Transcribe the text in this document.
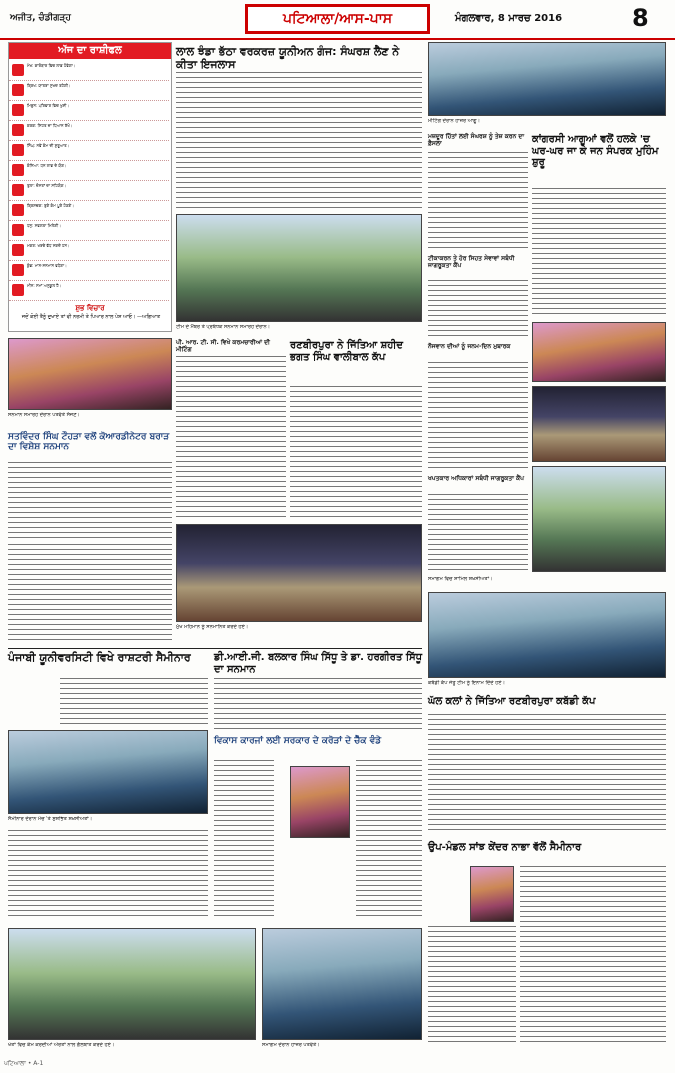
ਅਜੀਤ, ਚੰਡੀਗੜ੍ਹ	ਪਟਿਆਲਾ/ਆਸ-ਪਾਸ	ਮੰਗਲਵਾਰ, 8 ਮਾਰਚ 2016	8
ਅੱਜ ਦਾ ਰਾਸ਼ੀਫਲ
ਮੇਖ: ਕਾਰੋਬਾਰ ਵਿਚ ਲਾਭ ਹੋਵੇਗਾ।
ਬ੍ਰਿਖ: ਯਾਤਰਾ ਸੁਖਦ ਰਹੇਗੀ।
ਮਿਥੁਨ: ਪਰਿਵਾਰ ਵਿਚ ਖੁਸ਼ੀ।
ਕਰਕ: ਸਿਹਤ ਦਾ ਧਿਆਨ ਰੱਖੋ।
ਸਿੰਘ: ਨਵੇਂ ਕੰਮ ਦੀ ਸ਼ੁਰੂਆਤ।
ਕੰਨਿਆ: ਧਨ ਲਾਭ ਦੇ ਯੋਗ।
ਤੁਲਾ: ਦੋਸਤਾਂ ਦਾ ਸਹਿਯੋਗ।
ਬ੍ਰਿਸ਼ਚਕ: ਰੁਕੇ ਕੰਮ ਪੂਰੇ ਹੋਣਗੇ।
ਧਨੁ: ਸਫਲਤਾ ਮਿਲੇਗੀ।
ਮਕਰ: ਖਰਚੇ ਵੱਧ ਸਕਦੇ ਹਨ।
ਕੁੰਭ: ਮਾਨ-ਸਨਮਾਨ ਵਧੇਗਾ।
ਮੀਨ: ਸਮਾਂ ਅਨੁਕੂਲ ਹੈ।
ਸ਼ੁਭ ਵਿਚਾਰ
ਜਦੋਂ ਕੋਈ ਤੈਨੂੰ ਦੁਖਾਏ ਤਾਂ ਵੀ ਨਰਮੀ ਤੇ ਪਿਆਰ ਨਾਲ ਪੇਸ਼ ਆਓ। —ਅਗਿਆਤ
ਲਾਲ ਝੰਡਾ ਭੱਠਾ ਵਰਕਰਜ਼ ਯੂਨੀਅਨ ਗੰਜ: ਸੰਘਰਸ਼ ਲੈਣ ਨੇ ਕੀਤਾ ਇਜਲਾਸ
ਟੀਮ ਦੇ ਮੈਂਬਰ ਤੇ ਪ੍ਰਬੰਧਕ ਸਨਮਾਨ ਸਮਾਰੋਹ ਦੌਰਾਨ।
ਸਨਮਾਨ ਸਮਾਰੋਹ ਦੌਰਾਨ ਪਤਵੰਤੇ ਸੱਜਣ।
ਸਤਵਿੰਦਰ ਸਿੰਘ ਟੌਹੜਾ ਵਲੋਂ ਕੋਆਰਡੀਨੇਟਰ ਬਰਾੜ ਦਾ ਵਿਸ਼ੇਸ਼ ਸਨਮਾਨ
ਪੀ. ਆਰ. ਟੀ. ਸੀ. ਵਿਖੇ ਕਰਮਚਾਰੀਆਂ ਦੀ ਮੀਟਿੰਗ	ਰਣਬੀਰਪੁਰਾ ਨੇ ਜਿੱਤਿਆ ਸ਼ਹੀਦ ਭਗਤ ਸਿੰਘ ਵਾਲੀਬਾਲ ਕੱਪ
ਮੁੱਖ ਮਹਿਮਾਨ ਨੂੰ ਸਨਮਾਨਿਤ ਕਰਦੇ ਹੋਏ।
ਪੰਜਾਬੀ ਯੂਨੀਵਰਸਿਟੀ ਵਿਖੇ ਰਾਸ਼ਟਰੀ ਸੈਮੀਨਾਰ
ਸੈਮੀਨਾਰ ਦੌਰਾਨ ਮੰਚ 'ਤੇ ਸੁਸ਼ੋਭਿਤ ਸ਼ਖ਼ਸੀਅਤਾਂ।
ਡੀ.ਆਈ.ਜੀ. ਬਲਕਾਰ ਸਿੰਘ ਸਿੱਧੂ ਤੇ ਡਾ. ਹਰਗੀਰਤ ਸਿੱਧੂ ਦਾ ਸਨਮਾਨ
ਵਿਕਾਸ ਕਾਰਜਾਂ ਲਈ ਸਰਕਾਰ ਦੇ ਕਰੋੜਾਂ ਦੇ ਚੈੱਕ ਵੰਡੇ
ਖੇਤਾਂ ਵਿਚ ਕੰਮ ਕਰਦੀਆਂ ਔਰਤਾਂ ਨਾਲ ਗੱਲਬਾਤ ਕਰਦੇ ਹੋਏ।	ਸਮਾਗਮ ਦੌਰਾਨ ਹਾਜ਼ਰ ਪਤਵੰਤੇ।
ਮੀਟਿੰਗ ਦੌਰਾਨ ਹਾਜ਼ਰ ਆਗੂ।
ਮਜ਼ਦੂਰ ਹਿੱਤਾਂ ਲਈ ਸੰਘਰਸ਼ ਨੂੰ ਤੇਜ਼ ਕਰਨ ਦਾ ਫ਼ੈਸਲਾ	ਕਾਂਗਰਸੀ ਆਗੂਆਂ ਵਲੋਂ ਹਲਕੇ 'ਚ ਘਰ-ਘਰ ਜਾ ਕੇ ਜਨ ਸੰਪਰਕ ਮੁਹਿੰਮ ਸ਼ੁਰੂ
ਟੀਕਾਕਰਨ ਤੇ ਹੋਰ ਸਿਹਤ ਸੇਵਾਵਾਂ ਸਬੰਧੀ ਜਾਗਰੂਕਤਾ ਕੈਂਪ
ਨੌਜਵਾਨ ਦੀਆਂ ਨੂੰ ਜਨਮ-ਦਿਨ ਮੁਬਾਰਕ
ਖਪਤਕਾਰ ਅਧਿਕਾਰਾਂ ਸਬੰਧੀ ਜਾਗਰੂਕਤਾ ਕੈਂਪ
ਸਮਾਗਮ ਵਿਚ ਸ਼ਾਮਿਲ ਸ਼ਖ਼ਸੀਅਤਾਂ।
ਕਬੱਡੀ ਕੱਪ ਜੇਤੂ ਟੀਮ ਨੂੰ ਇਨਾਮ ਦਿੰਦੇ ਹੋਏ।
ਘੱਲ ਕਲਾਂ ਨੇ ਜਿੱਤਿਆ ਰਣਬੀਰਪੁਰਾ ਕਬੱਡੀ ਕੱਪ
ਉਪ-ਮੰਡਲ ਸਾਂਝ ਕੇਂਦਰ ਨਾਭਾ ਵੱਲੋਂ ਸੈਮੀਨਾਰ
ਪਟਿਆਲਾ • A-1
